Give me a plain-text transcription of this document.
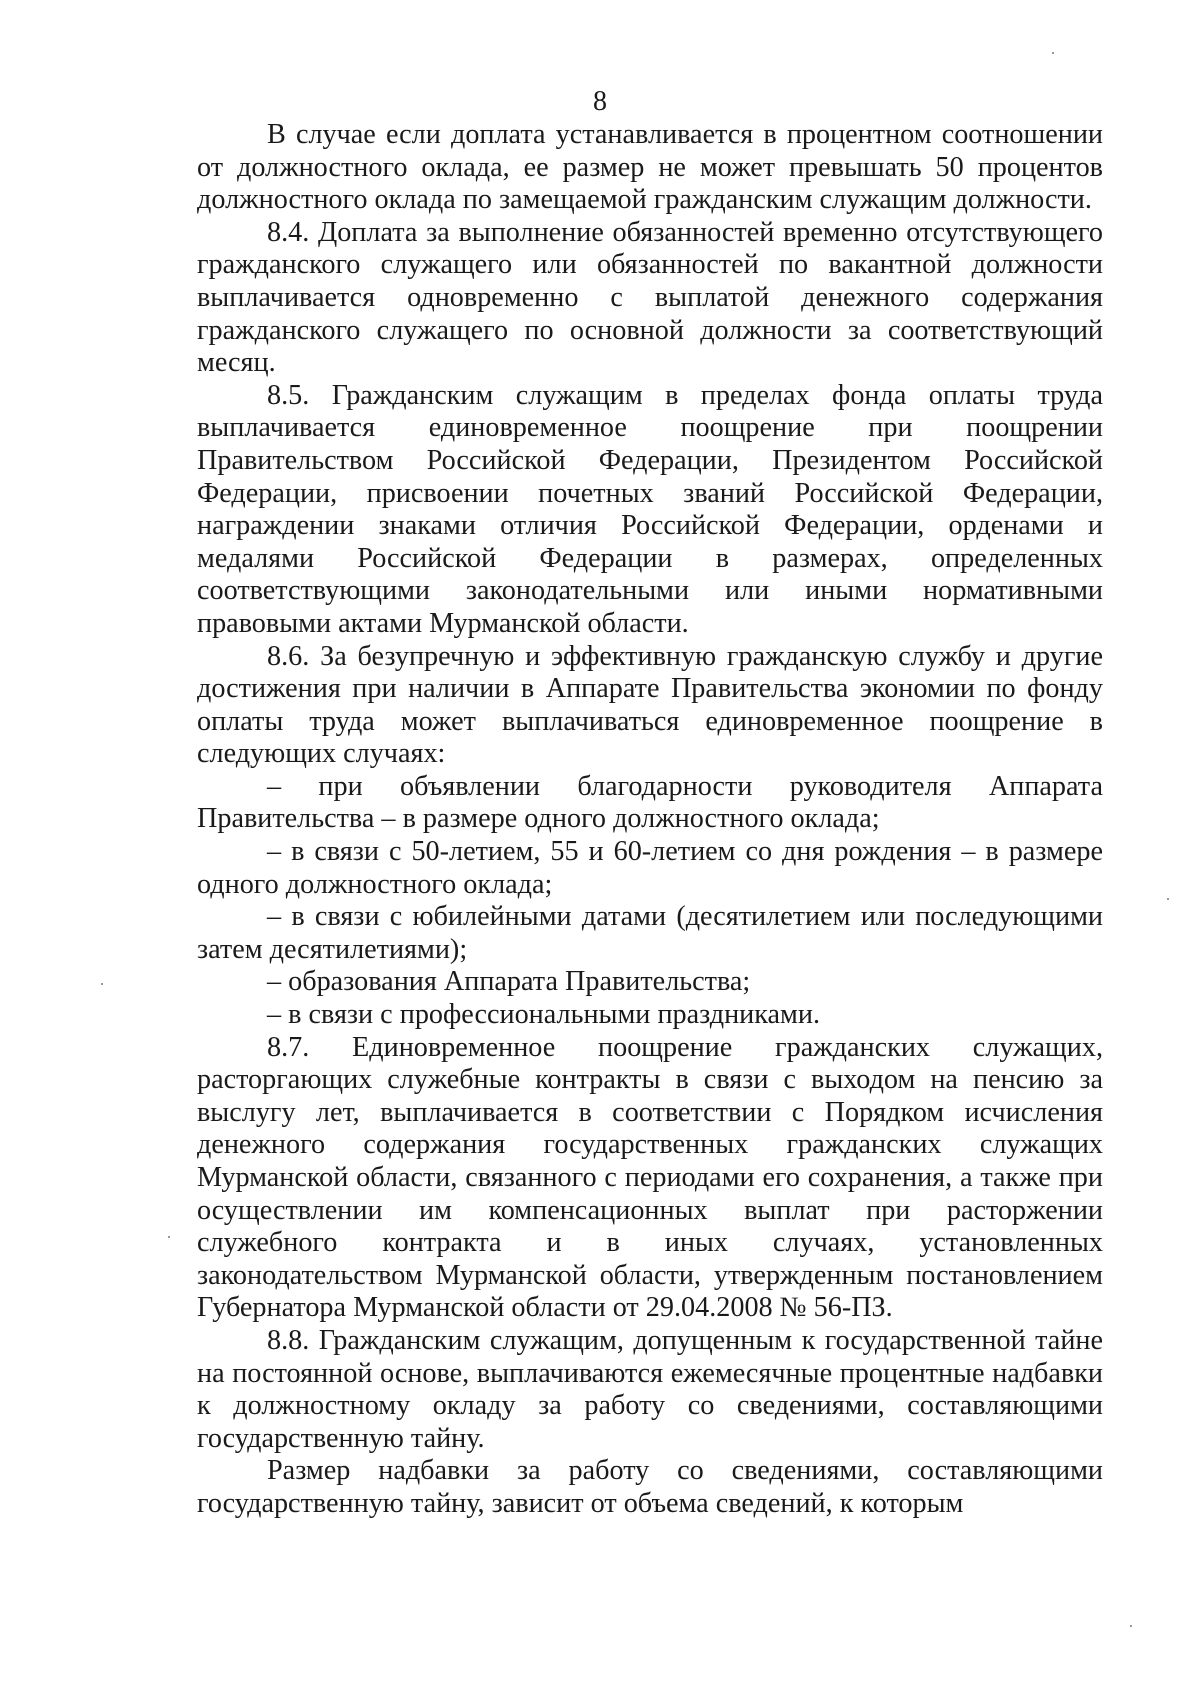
8

В случае если доплата устанавливается в процентном соотношении от должностного оклада, ее размер не может превышать 50 процентов должностного оклада по замещаемой гражданским служащим должности.

8.4. Доплата за выполнение обязанностей временно отсутствующего гражданского служащего или обязанностей по вакантной должности выплачивается одновременно с выплатой денежного содержания гражданского служащего по основной должности за соответствующий месяц.

8.5. Гражданским служащим в пределах фонда оплаты труда выплачивается единовременное поощрение при поощрении Правительством Российской Федерации, Президентом Российской Федерации, присвоении почетных званий Российской Федерации, награждении знаками отличия Российской Федерации, орденами и медалями Российской Федерации в размерах, определенных соответствующими законодательными или иными нормативными правовыми актами Мурманской области.

8.6. За безупречную и эффективную гражданскую службу и другие достижения при наличии в Аппарате Правительства экономии по фонду оплаты труда может выплачиваться единовременное поощрение в следующих случаях:

– при объявлении благодарности руководителя Аппарата Правительства – в размере одного должностного оклада;

– в связи с 50-летием, 55 и 60-летием со дня рождения – в размере одного должностного оклада;

– в связи с юбилейными датами (десятилетием или последующими затем десятилетиями);

– образования Аппарата Правительства;

– в связи с профессиональными праздниками.

8.7. Единовременное поощрение гражданских служащих, расторгающих служебные контракты в связи с выходом на пенсию за выслугу лет, выплачивается в соответствии с Порядком исчисления денежного содержания государственных гражданских служащих Мурманской области, связанного с периодами его сохранения, а также при осуществлении им компенсационных выплат при расторжении служебного контракта и в иных случаях, установленных законодательством Мурманской области, утвержденным постановлением Губернатора Мурманской области от 29.04.2008 № 56-ПЗ.

8.8. Гражданским служащим, допущенным к государственной тайне на постоянной основе, выплачиваются ежемесячные процентные надбавки к должностному окладу за работу со сведениями, составляющими государственную тайну.

Размер надбавки за работу со сведениями, составляющими государственную тайну, зависит от объема сведений, к которым
